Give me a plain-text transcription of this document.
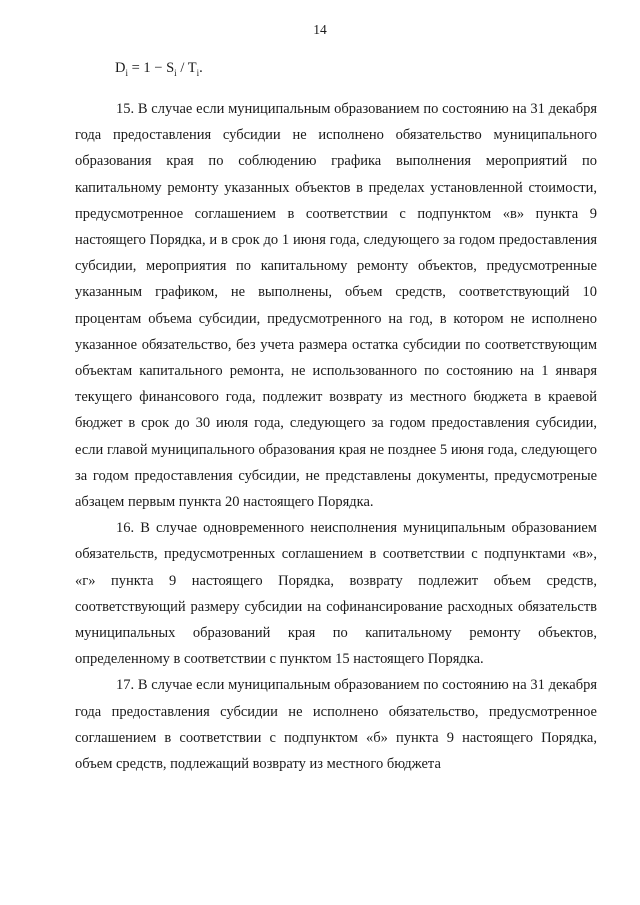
14
$D_i = 1 - S_i / T_i$.

15. В случае если муниципальным образованием по состоянию на 31 декабря года предоставления субсидии не исполнено обязательство муниципального образования края по соблюдению графика выполнения мероприятий по капитальному ремонту указанных объектов в пределах установленной стоимости, предусмотренное соглашением в соответствии с подпунктом «в» пункта 9 настоящего Порядка, и в срок до 1 июня года, следующего за годом предоставления субсидии, мероприятия по капитальному ремонту объектов, предусмотренные указанным графиком, не выполнены, объем средств, соответствующий 10 процентам объема субсидии, предусмотренного на год, в котором не исполнено указанное обязательство, без учета размера остатка субсидии по соответствующим объектам капитального ремонта, не использованного по состоянию на 1 января текущего финансового года, подлежит возврату из местного бюджета в краевой бюджет в срок до 30 июля года, следующего за годом предоставления субсидии, если главой муниципального образования края не позднее 5 июня года, следующего за годом предоставления субсидии, не представлены документы, предусмотреные абзацем первым пункта 20 настоящего Порядка.

16. В случае одновременного неисполнения муниципальным образованием обязательств, предусмотренных соглашением в соответствии с подпунктами «в», «г» пункта 9 настоящего Порядка, возврату подлежит объем средств, соответствующий размеру субсидии на софинансирование расходных обязательств муниципальных образований края по капитальному ремонту объектов, определенному в соответствии с пунктом 15 настоящего Порядка.

17. В случае если муниципальным образованием по состоянию на 31 декабря года предоставления субсидии не исполнено обязательство, предусмотренное соглашением в соответствии с подпунктом «б» пункта 9 настоящего Порядка, объем средств, подлежащий возврату из местного бюджета
